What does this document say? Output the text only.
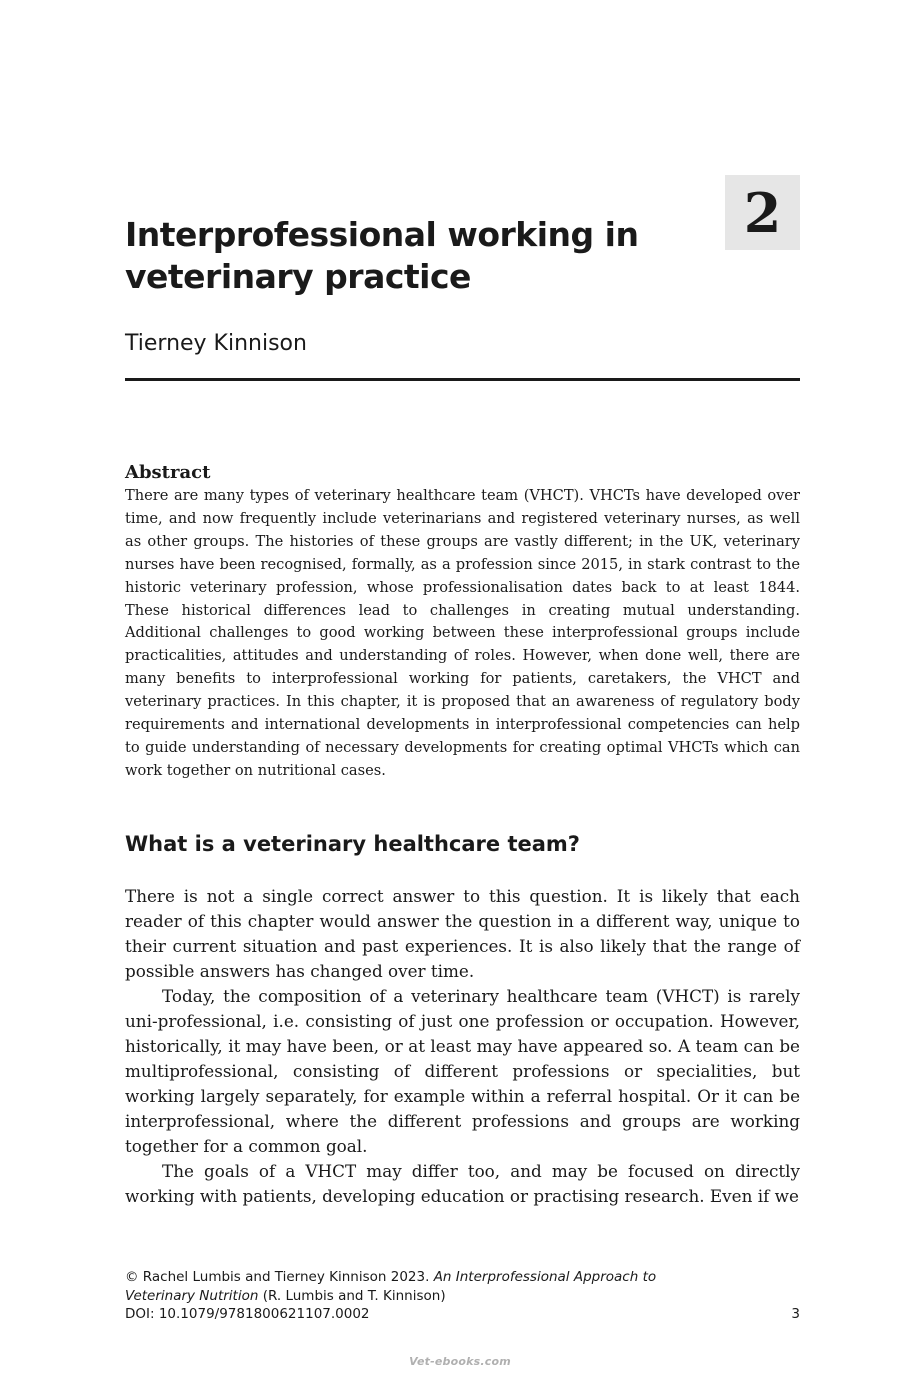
2
Interprofessional working in veterinary practice

Tierney Kinnison

Abstract

There are many types of veterinary healthcare team (VHCT). VHCTs have developed over time, and now frequently include veterinarians and registered veterinary nurses, as well as other groups. The histories of these groups are vastly different; in the UK, veterinary nurses have been recognised, formally, as a profession since 2015, in stark contrast to the historic veterinary profession, whose professionalisation dates back to at least 1844. These historical differences lead to challenges in creating mutual understanding. Additional challenges to good working between these interprofessional groups include practicalities, attitudes and understanding of roles. However, when done well, there are many benefits to interprofessional working for patients, caretakers, the VHCT and veterinary practices. In this chapter, it is proposed that an awareness of regulatory body requirements and international developments in interprofessional competencies can help to guide understanding of necessary developments for creating optimal VHCTs which can work together on nutritional cases.

What is a veterinary healthcare team?

There is not a single correct answer to this question. It is likely that each reader of this chapter would answer the question in a different way, unique to their current situation and past experiences. It is also likely that the range of possible answers has changed over time.

Today, the composition of a veterinary healthcare team (VHCT) is rarely uni-professional, i.e. consisting of just one profession or occupation. However, historically, it may have been, or at least may have appeared so. A team can be multiprofessional, consisting of different professions or specialities, but working largely separately, for example within a referral hospital. Or it can be interprofessional, where the different professions and groups are working together for a common goal.

The goals of a VHCT may differ too, and may be focused on directly working with patients, developing education or practising research. Even if we

© Rachel Lumbis and Tierney Kinnison 2023. An Interprofessional Approach to
Veterinary Nutrition (R. Lumbis and T. Kinnison)
DOI: 10.1079/9781800621107.0002	3
Vet-ebooks.com
